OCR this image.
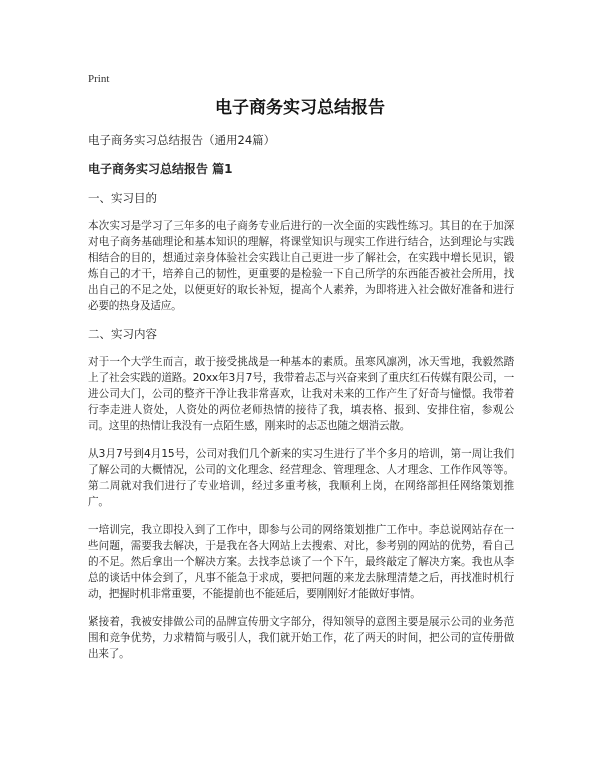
Print
电子商务实习总结报告
电子商务实习总结报告（通用24篇）
电子商务实习总结报告 篇1
一、实习目的

本次实习是学习了三年多的电子商务专业后进行的一次全面的实践性练习。其目的在于加深对电子商务基础理论和基本知识的理解，将课堂知识与现实工作进行结合，达到理论与实践相结合的目的，想通过亲身体验社会实践让自己更进一步了解社会，在实践中增长见识，锻炼自己的才干，培养自己的韧性，更重要的是检验一下自己所学的东西能否被社会所用，找出自己的不足之处，以便更好的取长补短，提高个人素养，为即将进入社会做好准备和进行必要的热身及适应。

二、实习内容

对于一个大学生而言，敢于接受挑战是一种基本的素质。虽寒风凛冽，冰天雪地，我毅然踏上了社会实践的道路。20xx年3月7号，我带着忐忑与兴奋来到了重庆红石传媒有限公司，一进公司大门，公司的整齐干净让我非常喜欢，让我对未来的工作产生了好奇与憧憬。我带着行李走进人资处，人资处的两位老师热情的接待了我，填表格、报到、安排住宿，参观公司。这里的热情让我没有一点陌生感，刚来时的忐忑也随之烟消云散。

从3月7号到4月15号，公司对我们几个新来的实习生进行了半个多月的培训，第一周让我们了解公司的大概情况，公司的文化理念、经营理念、管理理念、人才理念、工作作风等等。第二周就对我们进行了专业培训，经过多重考核，我顺利上岗，在网络部担任网络策划推广。

一培训完，我立即投入到了工作中，即参与公司的网络策划推广工作中。李总说网站存在一些问题，需要我去解决，于是我在各大网站上去搜索、对比，参考别的网站的优势，看自己的不足。然后拿出一个解决方案。去找李总谈了一个下午，最终敲定了解决方案。我也从李总的谈话中体会到了，凡事不能急于求成，要把问题的来龙去脉理清楚之后，再找准时机行动，把握时机非常重要，不能提前也不能延后，要刚刚好才能做好事情。

紧接着，我被安排做公司的品牌宣传册文字部分，得知领导的意图主要是展示公司的业务范围和竞争优势，力求精简与吸引人，我们就开始工作，花了两天的时间，把公司的宣传册做出来了。
